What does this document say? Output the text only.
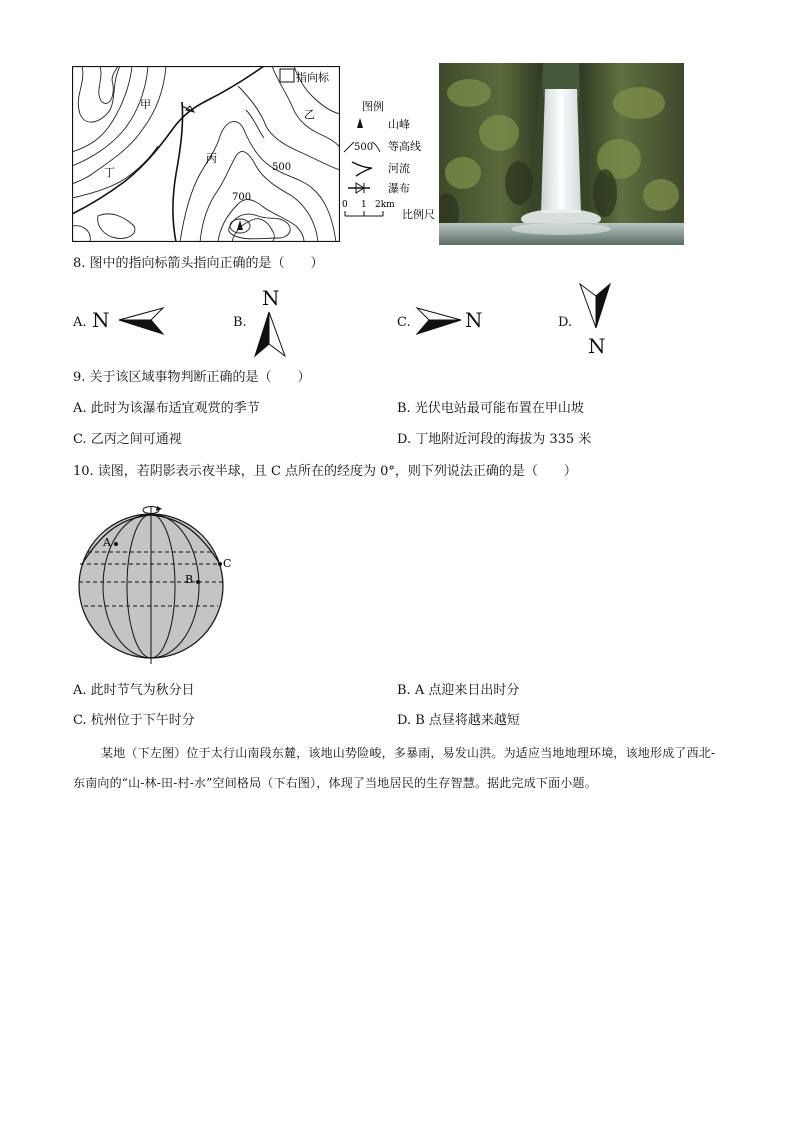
指向标
甲
乙
丙
丁	500
700
图例
山峰
500 等高线
河流
瀑布
0 1 2km
比例尺
8. 图中的指向标箭头指向正确的是（　　）
A. N	B.
N
C.	N	D.
N
9. 关于该区域事物判断正确的是（　　）
A. 此时为该瀑布适宜观赏的季节	B. 光伏电站最可能布置在甲山坡
C. 乙丙之间可通视	D. 丁地附近河段的海拔为 335 米
10. 读图，若阴影表示夜半球，且 C 点所在的经度为 0°，则下列说法正确的是（　　）
A
C
B
A. 此时节气为秋分日	B. A 点迎来日出时分
C. 杭州位于下午时分	D. B 点昼将越来越短
某地（下左图）位于太行山南段东麓，该地山势险峻，多暴雨，易发山洪。为适应当地地理环境，该地形成了西北-东南向的“山-林-田-村-水”空间格局（下右图），体现了当地居民的生存智慧。据此完成下面小题。
